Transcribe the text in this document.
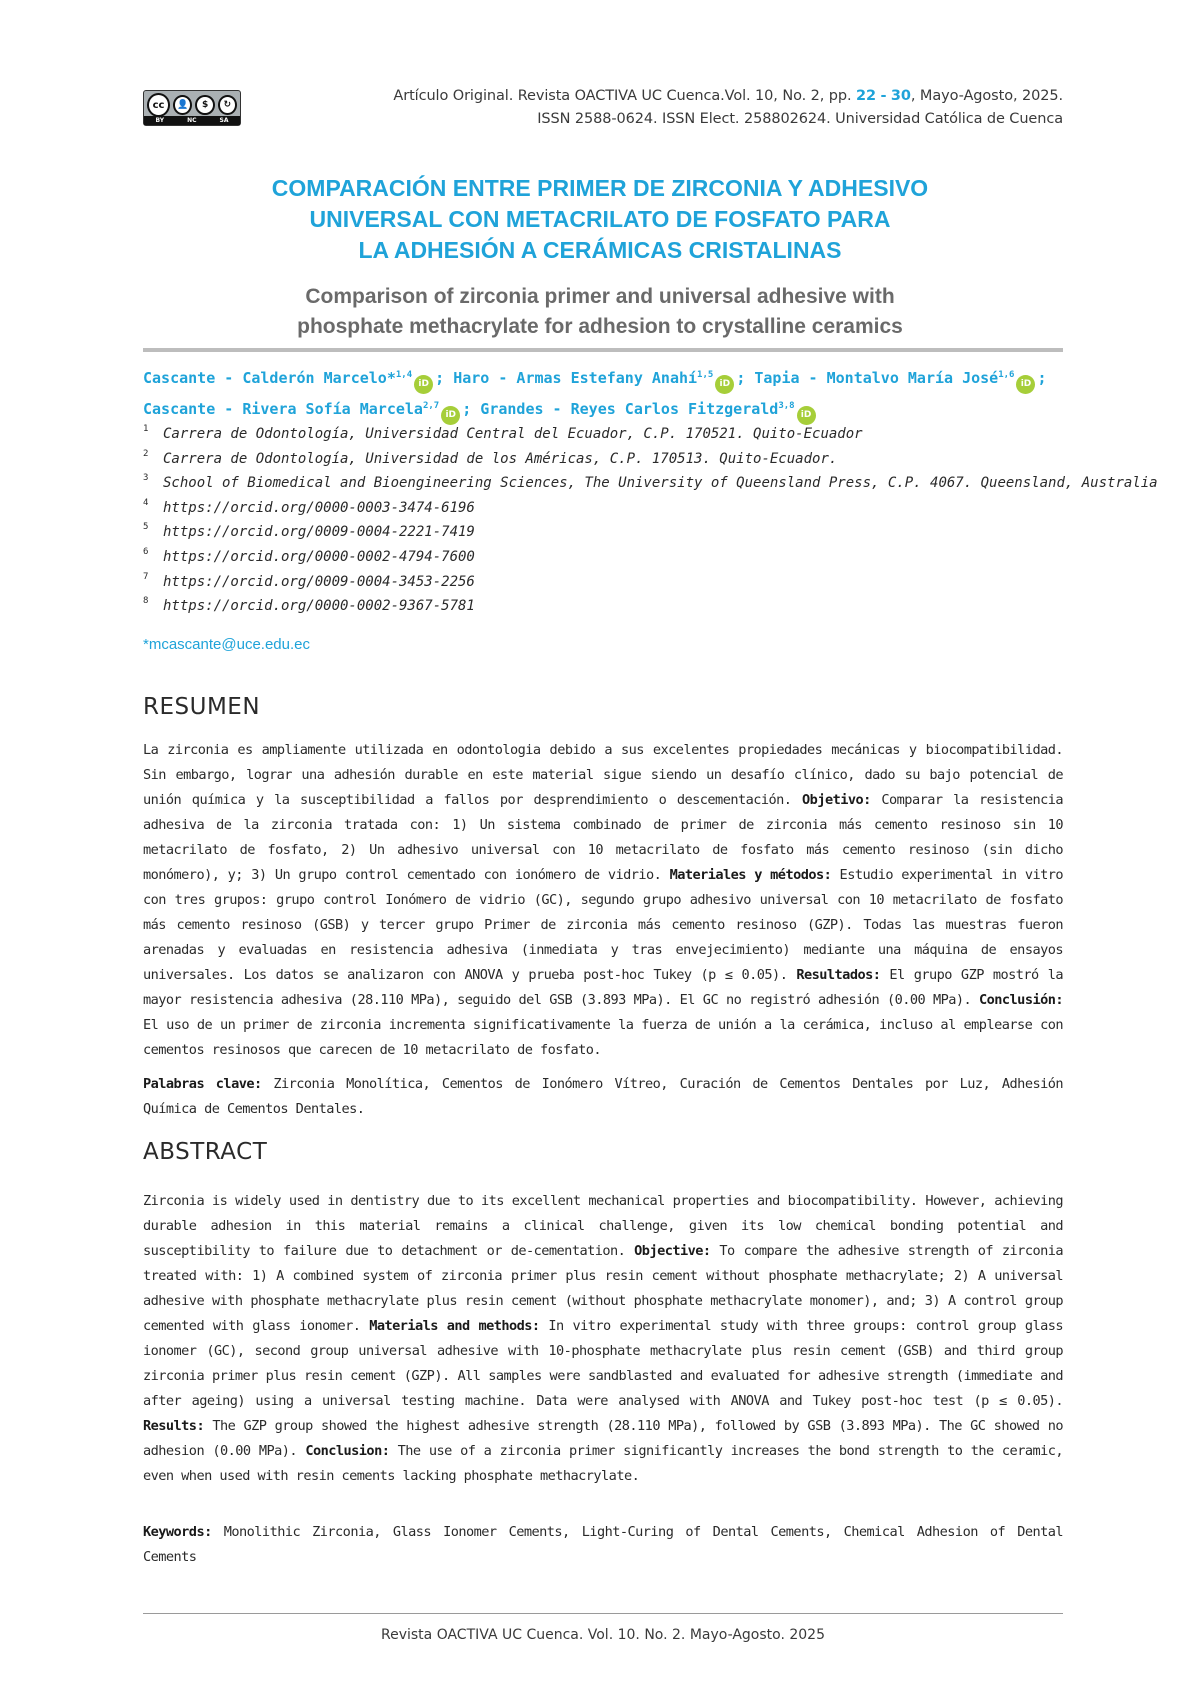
cc	👤	$	↻
BY	NC	SA
Artículo Original. Revista OACTIVA UC Cuenca.Vol. 10, No. 2, pp. 22 - 30, Mayo-Agosto, 2025.
ISSN 2588-0624. ISSN Elect. 258802624. Universidad Católica de Cuenca
COMPARACIÓN ENTRE PRIMER DE ZIRCONIA Y ADHESIVO
UNIVERSAL CON METACRILATO DE FOSFATO PARA
LA ADHESIÓN A CERÁMICAS CRISTALINAS
Comparison of zirconia primer and universal adhesive with
phosphate methacrylate for adhesion to crystalline ceramics
Cascante - Calderón Marcelo*$^{1,4}$iD ; Haro - Armas Estefany Anahí$^{1,5}$iD ; Tapia - Montalvo María José$^{1,6}$iD ; Cascante - Rivera Sofía Marcela$^{2,7}$iD ; Grandes - Reyes Carlos Fitzgerald$^{3,8}$iD
1 Carrera de Odontología, Universidad Central del Ecuador, C.P. 170521. Quito-Ecuador
2 Carrera de Odontología, Universidad de los Américas, C.P. 170513. Quito-Ecuador.
3 School of Biomedical and Bioengineering Sciences, The University of Queensland Press, C.P. 4067. Queensland, Australia
4 https://orcid.org/0000-0003-3474-6196
5 https://orcid.org/0009-0004-2221-7419
6 https://orcid.org/0000-0002-4794-7600
7 https://orcid.org/0009-0004-3453-2256
8 https://orcid.org/0000-0002-9367-5781
*mcascante@uce.edu.ec
RESUMEN
La zirconia es ampliamente utilizada en odontologia debido a sus excelentes propiedades mecánicas y biocompatibilidad. Sin embargo, lograr una adhesión durable en este material sigue siendo un desafío clínico, dado su bajo potencial de unión química y la susceptibilidad a fallos por desprendimiento o descementación. Objetivo: Comparar la resistencia adhesiva de la zirconia tratada con: 1) Un sistema combinado de primer de zirconia más cemento resinoso sin 10 metacrilato de fosfato, 2) Un adhesivo universal con 10 metacrilato de fosfato más cemento resinoso (sin dicho monómero), y; 3) Un grupo control cementado con ionómero de vidrio. Materiales y métodos: Estudio experimental in vitro con tres grupos: grupo control Ionómero de vidrio (GC), segundo grupo adhesivo universal con 10 metacrilato de fosfato más cemento resinoso (GSB) y tercer grupo Primer de zirconia más cemento resinoso (GZP). Todas las muestras fueron arenadas y evaluadas en resistencia adhesiva (inmediata y tras envejecimiento) mediante una máquina de ensayos universales. Los datos se analizaron con ANOVA y prueba post-hoc Tukey (p ≤ 0.05). Resultados: El grupo GZP mostró la mayor resistencia adhesiva (28.110 MPa), seguido del GSB (3.893 MPa). El GC no registró adhesión (0.00 MPa). Conclusión: El uso de un primer de zirconia incrementa significativamente la fuerza de unión a la cerámica, incluso al emplearse con cementos resinosos que carecen de 10 metacrilato de fosfato.
Palabras clave: Zirconia Monolítica, Cementos de Ionómero Vítreo, Curación de Cementos Dentales por Luz, Adhesión Química de Cementos Dentales.
ABSTRACT
Zirconia is widely used in dentistry due to its excellent mechanical properties and biocompatibility. However, achieving durable adhesion in this material remains a clinical challenge, given its low chemical bonding potential and susceptibility to failure due to detachment or de-cementation. Objective: To compare the adhesive strength of zirconia treated with: 1) A combined system of zirconia primer plus resin cement without phosphate methacrylate; 2) A universal adhesive with phosphate methacrylate plus resin cement (without phosphate methacrylate monomer), and; 3) A control group cemented with glass ionomer. Materials and methods: In vitro experimental study with three groups: control group glass ionomer (GC), second group universal adhesive with 10-phosphate methacrylate plus resin cement (GSB) and third group zirconia primer plus resin cement (GZP). All samples were sandblasted and evaluated for adhesive strength (immediate and after ageing) using a universal testing machine. Data were analysed with ANOVA and Tukey post-hoc test (p ≤ 0.05). Results: The GZP group showed the highest adhesive strength (28.110 MPa), followed by GSB (3.893 MPa). The GC showed no adhesion (0.00 MPa). Conclusion: The use of a zirconia primer significantly increases the bond strength to the ceramic, even when used with resin cements lacking phosphate methacrylate.
Keywords: Monolithic Zirconia, Glass Ionomer Cements, Light-Curing of Dental Cements, Chemical Adhesion of Dental Cements
Revista OACTIVA UC Cuenca. Vol. 10. No. 2. Mayo-Agosto. 2025
